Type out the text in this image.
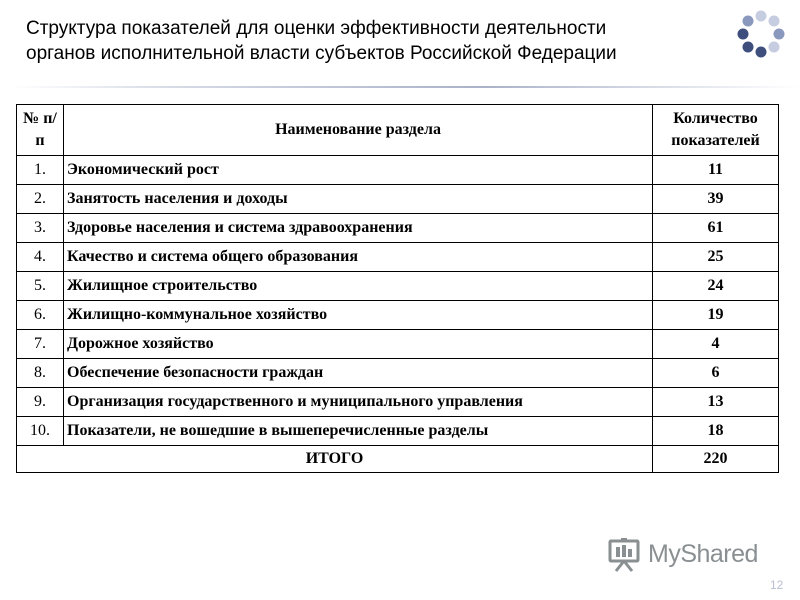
Структура показателей для оценки эффективности деятельности
органов исполнительной власти субъектов Российской Федерации
№ п/п	Наименование раздела	Количество показателей
1.	Экономический рост	11
2.	Занятость населения и доходы	39
3.	Здоровье населения и система здравоохранения	61
4.	Качество и система общего образования	25
5.	Жилищное строительство	24
6.	Жилищно-коммунальное хозяйство	19
7.	Дорожное хозяйство	4
8.	Обеспечение безопасности граждан	6
9.	Организация государственного и муниципального управления	13
10.	Показатели, не вошедшие в вышеперечисленные разделы	18
ИТОГО		220
MyShared
12
